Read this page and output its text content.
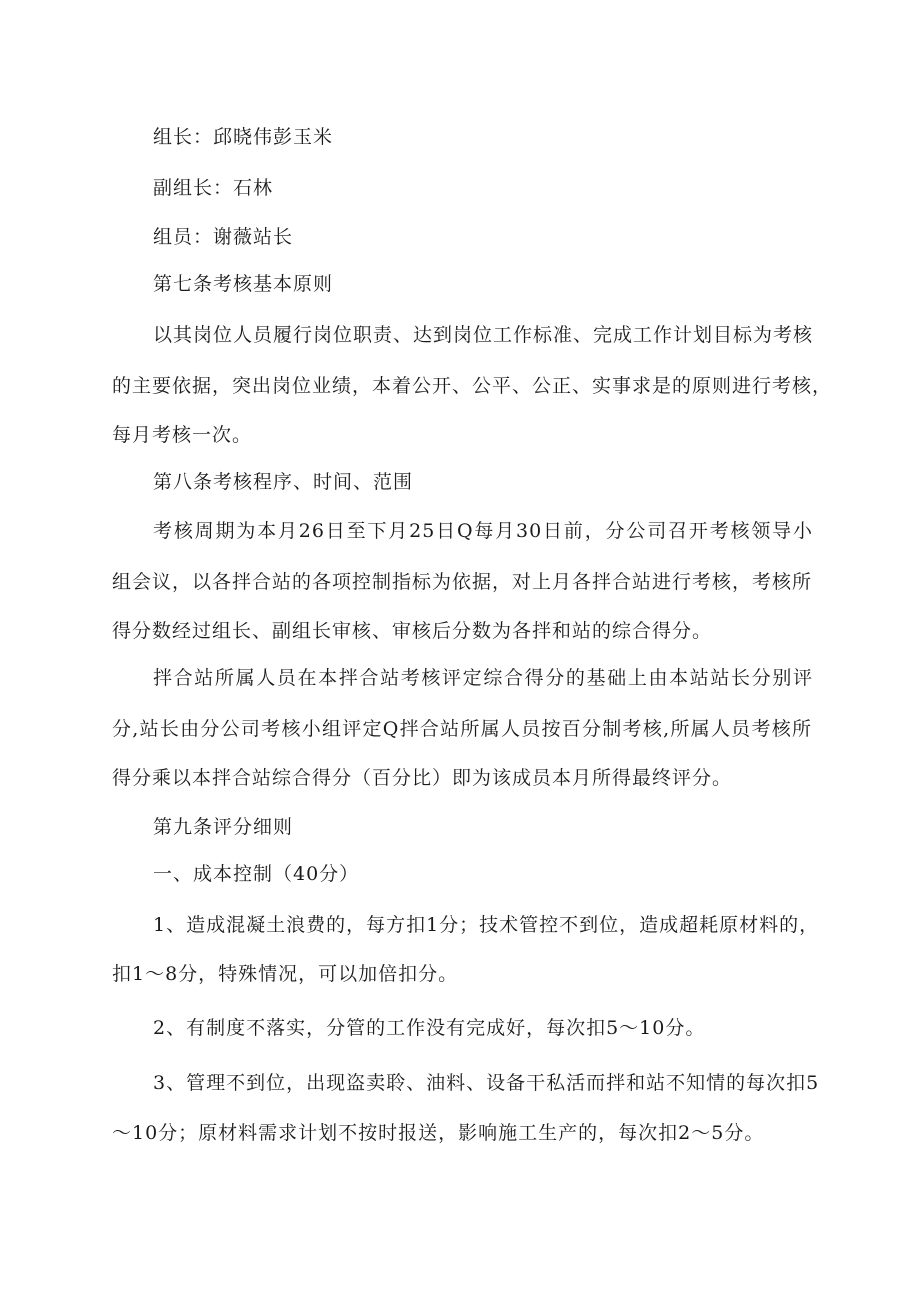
组长：邱晓伟彭玉米
副组长：石林
组员：谢薇站长
第七条考核基本原则
以其岗位人员履行岗位职责、达到岗位工作标准、完成工作计划目标为考核
的主要依据，突出岗位业绩，本着公开、公平、公正、实事求是的原则进行考核，
每月考核一次。
第八条考核程序、时间、范围
考核周期为本月26日至下月25日Q每月30日前，分公司召开考核领导小
组会议，以各拌合站的各项控制指标为依据，对上月各拌合站进行考核，考核所
得分数经过组长、副组长审核、审核后分数为各拌和站的综合得分。
拌合站所属人员在本拌合站考核评定综合得分的基础上由本站站长分别评
分,站长由分公司考核小组评定Q拌合站所属人员按百分制考核,所属人员考核所
得分乘以本拌合站综合得分（百分比）即为该成员本月所得最终评分。
第九条评分细则
一、成本控制（40分）
1、造成混凝土浪费的，每方扣1分；技术管控不到位，造成超耗原材料的，
扣1～8分，特殊情况，可以加倍扣分。
2、有制度不落实，分管的工作没有完成好，每次扣5～10分。
3、管理不到位，出现盗卖聆、油料、设备干私活而拌和站不知情的每次扣5
～10分；原材料需求计划不按时报送，影响施工生产的，每次扣2～5分。
